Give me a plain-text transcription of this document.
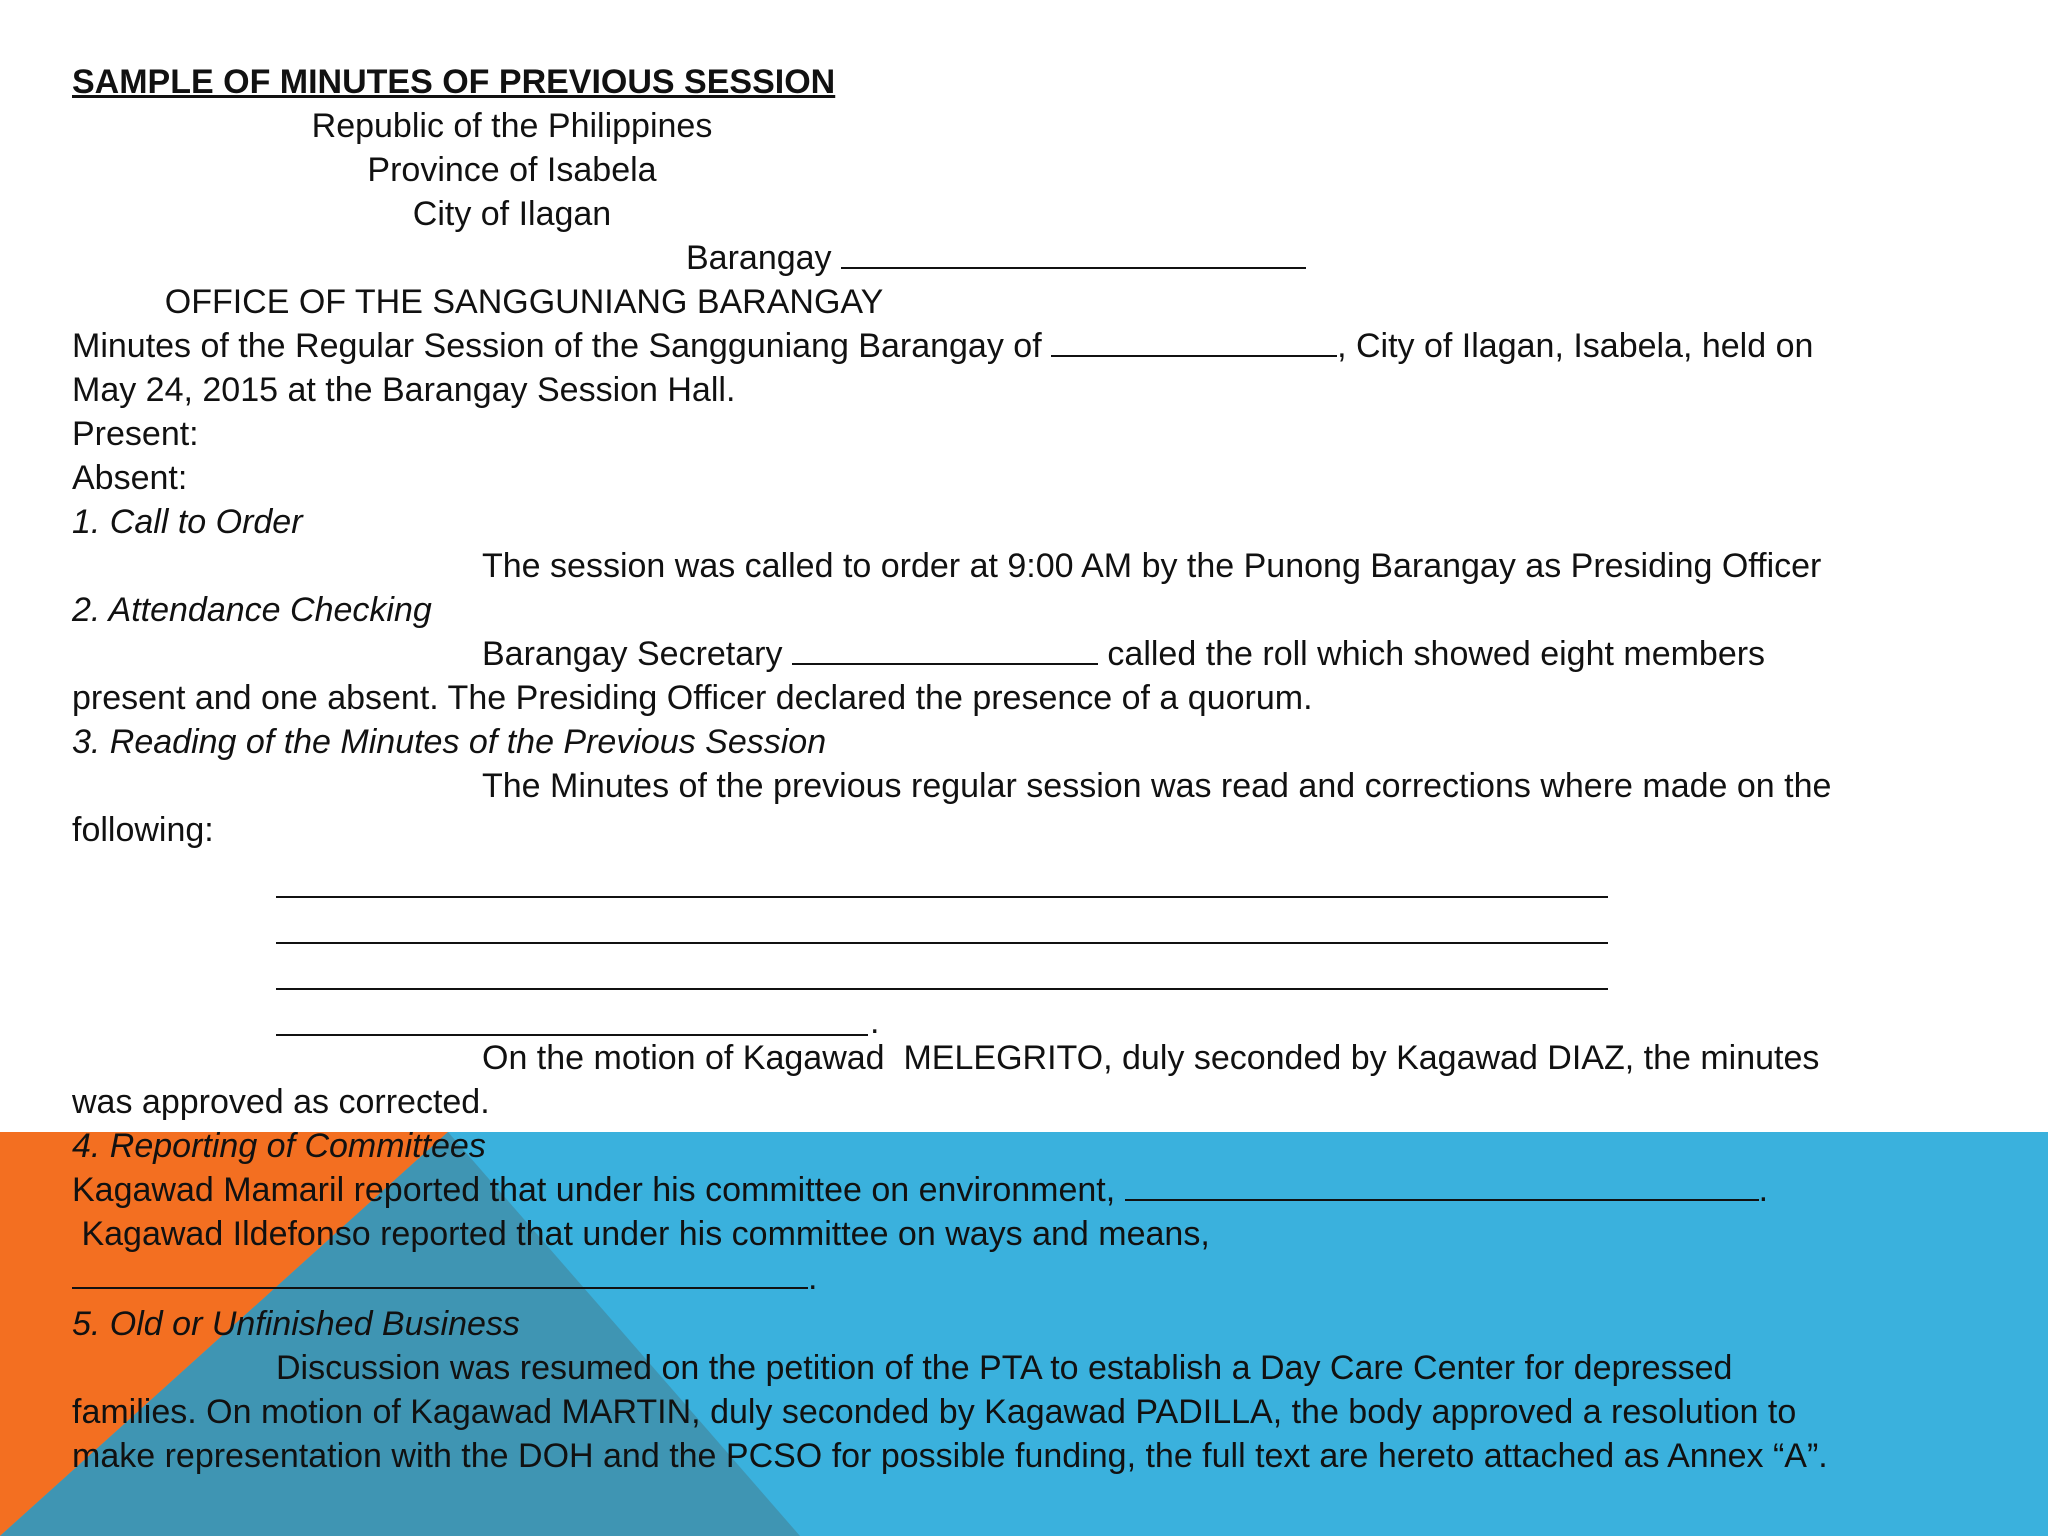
SAMPLE OF MINUTES OF PREVIOUS SESSION
Republic of the Philippines
Province of Isabela
City of Ilagan
Barangay
OFFICE OF THE SANGGUNIANG BARANGAY
Minutes of the Regular Session of the Sangguniang Barangay of	, City of Ilagan, Isabela, held on
May 24, 2015 at the Barangay Session Hall.
Present:
Absent:
1. Call to Order
The session was called to order at 9:00 AM by the Punong Barangay as Presiding Officer
2. Attendance Checking
Barangay Secretary	called the roll which showed eight members
present and one absent. The Presiding Officer declared the presence of a quorum.
3. Reading of the Minutes of the Previous Session
The Minutes of the previous regular session was read and corrections where made on the
following:
.
On the motion of Kagawad  MELEGRITO, duly seconded by Kagawad DIAZ, the minutes
was approved as corrected.
4. Reporting of Committees
Kagawad Mamaril reported that under his committee on environment,	.
Kagawad Ildefonso reported that under his committee on ways and means,
.
5. Old or Unfinished Business
Discussion was resumed on the petition of the PTA to establish a Day Care Center for depressed
families. On motion of Kagawad MARTIN, duly seconded by Kagawad PADILLA, the body approved a resolution to
make representation with the DOH and the PCSO for possible funding, the full text are hereto attached as Annex “A”.
